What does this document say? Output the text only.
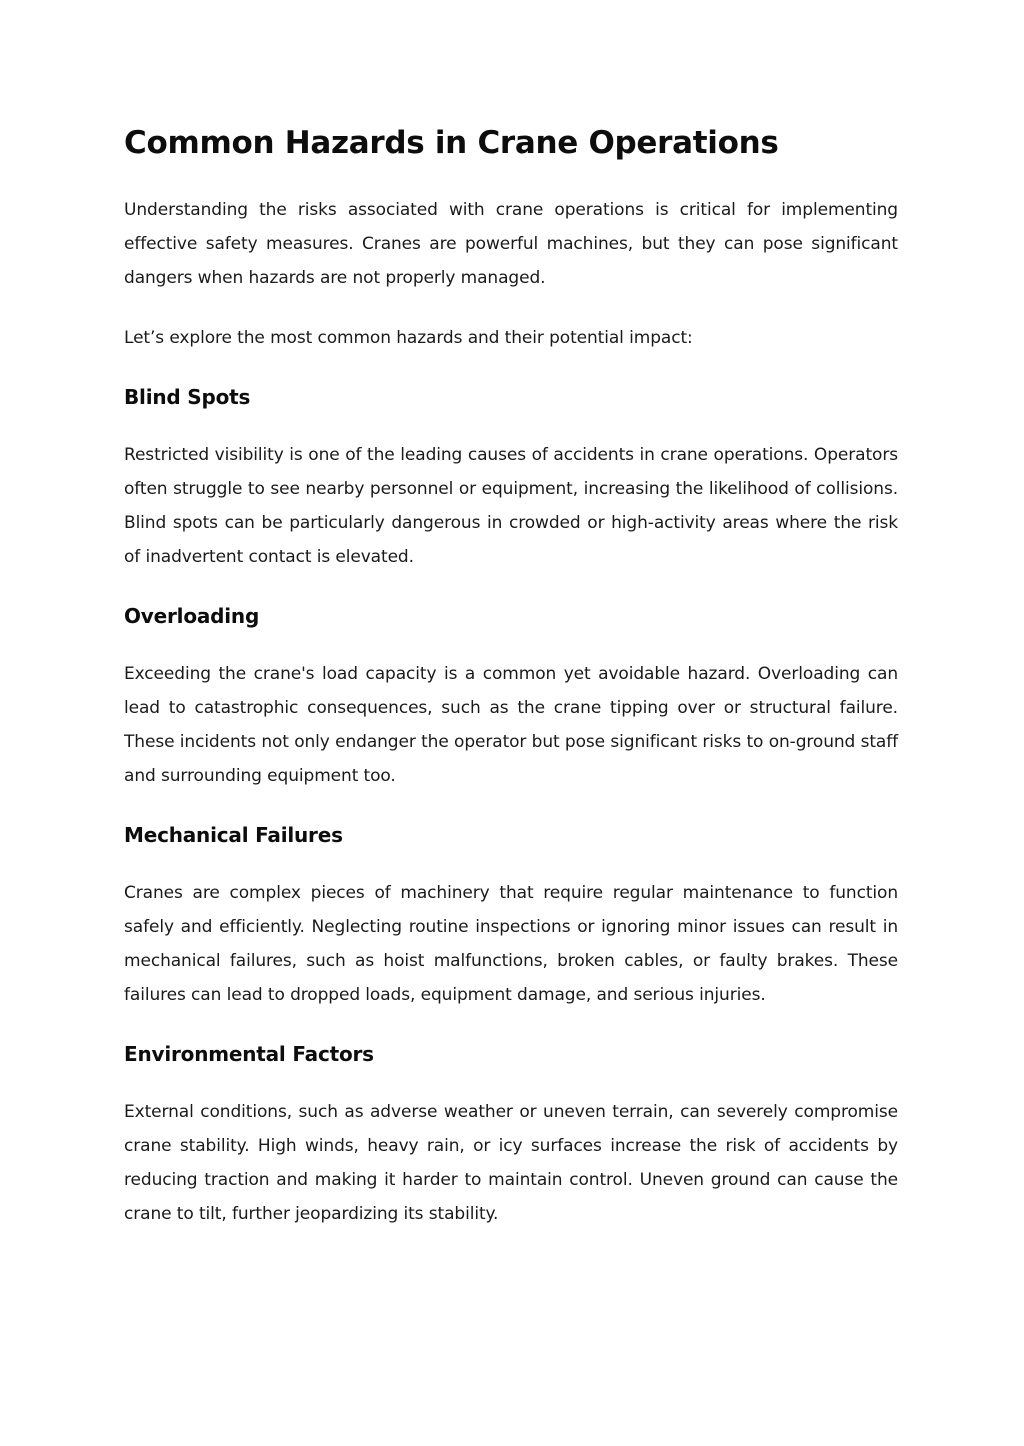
Common Hazards in Crane Operations

Understanding the risks associated with crane operations is critical for implementing effective safety measures. Cranes are powerful machines, but they can pose significant dangers when hazards are not properly managed.

Let’s explore the most common hazards and their potential impact:

Blind Spots

Restricted visibility is one of the leading causes of accidents in crane operations. Operators often struggle to see nearby personnel or equipment, increasing the likelihood of collisions. Blind spots can be particularly dangerous in crowded or high-activity areas where the risk of inadvertent contact is elevated.

Overloading

Exceeding the crane's load capacity is a common yet avoidable hazard. Overloading can lead to catastrophic consequences, such as the crane tipping over or structural failure. These incidents not only endanger the operator but pose significant risks to on-ground staff and surrounding equipment too.

Mechanical Failures

Cranes are complex pieces of machinery that require regular maintenance to function safely and efficiently. Neglecting routine inspections or ignoring minor issues can result in mechanical failures, such as hoist malfunctions, broken cables, or faulty brakes. These failures can lead to dropped loads, equipment damage, and serious injuries.

Environmental Factors

External conditions, such as adverse weather or uneven terrain, can severely compromise crane stability. High winds, heavy rain, or icy surfaces increase the risk of accidents by reducing traction and making it harder to maintain control. Uneven ground can cause the crane to tilt, further jeopardizing its stability.
